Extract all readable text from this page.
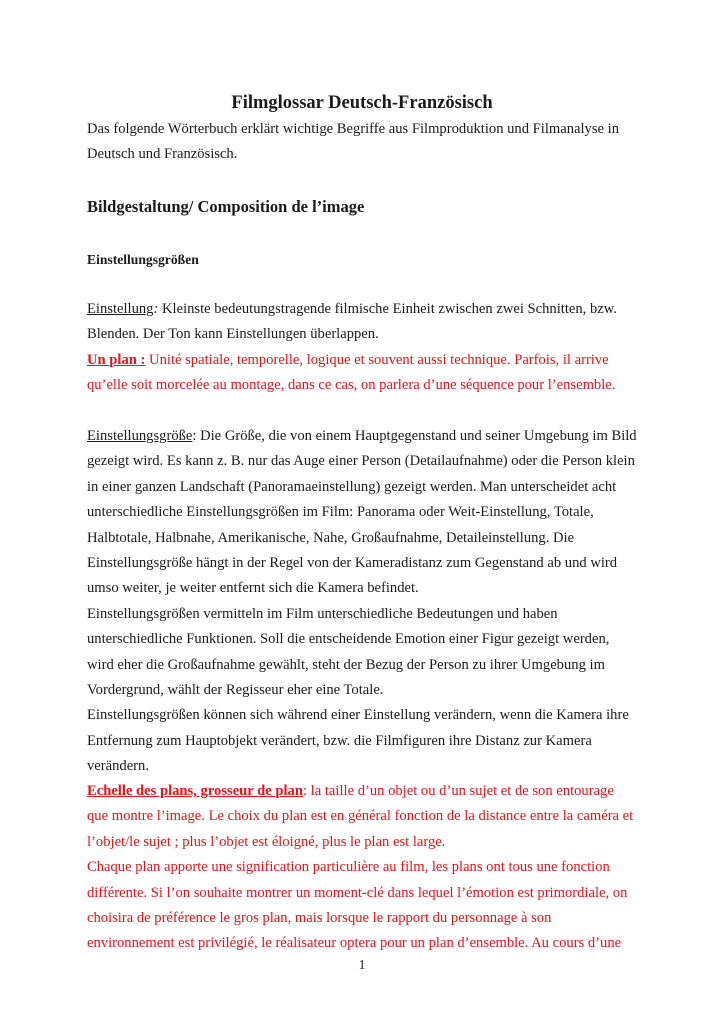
Filmglossar Deutsch-Französisch
Das folgende Wörterbuch erklärt wichtige Begriffe aus Filmproduktion und Filmanalyse in
Deutsch und Französisch.
Bildgestaltung/ Composition de l’image
Einstellungsgrößen
Einstellung: Kleinste bedeutungstragende filmische Einheit zwischen zwei Schnitten, bzw.
Blenden. Der Ton kann Einstellungen überlappen.
Un plan : Unité spatiale, temporelle, logique et souvent aussi technique. Parfois, il arrive
qu’elle soit morcelée au montage, dans ce cas, on parlera d’une séquence pour l’ensemble.
Einstellungsgröße: Die Größe, die von einem Hauptgegenstand und seiner Umgebung im Bild
gezeigt wird. Es kann z. B. nur das Auge einer Person (Detailaufnahme) oder die Person klein
in einer ganzen Landschaft (Panoramaeinstellung) gezeigt werden. Man unterscheidet acht
unterschiedliche Einstellungsgrößen im Film: Panorama oder Weit-Einstellung, Totale,
Halbtotale, Halbnahe, Amerikanische, Nahe, Großaufnahme, Detaileinstellung. Die
Einstellungsgröße hängt in der Regel von der Kameradistanz zum Gegenstand ab und wird
umso weiter, je weiter entfernt sich die Kamera befindet.
Einstellungsgrößen vermitteln im Film unterschiedliche Bedeutungen und haben
unterschiedliche Funktionen. Soll die entscheidende Emotion einer Figur gezeigt werden,
wird eher die Großaufnahme gewählt, steht der Bezug der Person zu ihrer Umgebung im
Vordergrund, wählt der Regisseur eher eine Totale.
Einstellungsgrößen können sich während einer Einstellung verändern, wenn die Kamera ihre
Entfernung zum Hauptobjekt verändert, bzw. die Filmfiguren ihre Distanz zur Kamera
verändern.
Echelle des plans, grosseur de plan: la taille d’un objet ou d’un sujet et de son entourage
que montre l’image. Le choix du plan est en général fonction de la distance entre la caméra et
l’objet/le sujet ; plus l’objet est éloigné, plus le plan est large.
Chaque plan apporte une signification particulière au film, les plans ont tous une fonction
différente. Si l’on souhaite montrer un moment-clé dans lequel l’émotion est primordiale, on
choisira de préférence le gros plan, mais lorsque le rapport du personnage à son
environnement est privilégié, le réalisateur optera pour un plan d’ensemble. Au cours d’une
1
